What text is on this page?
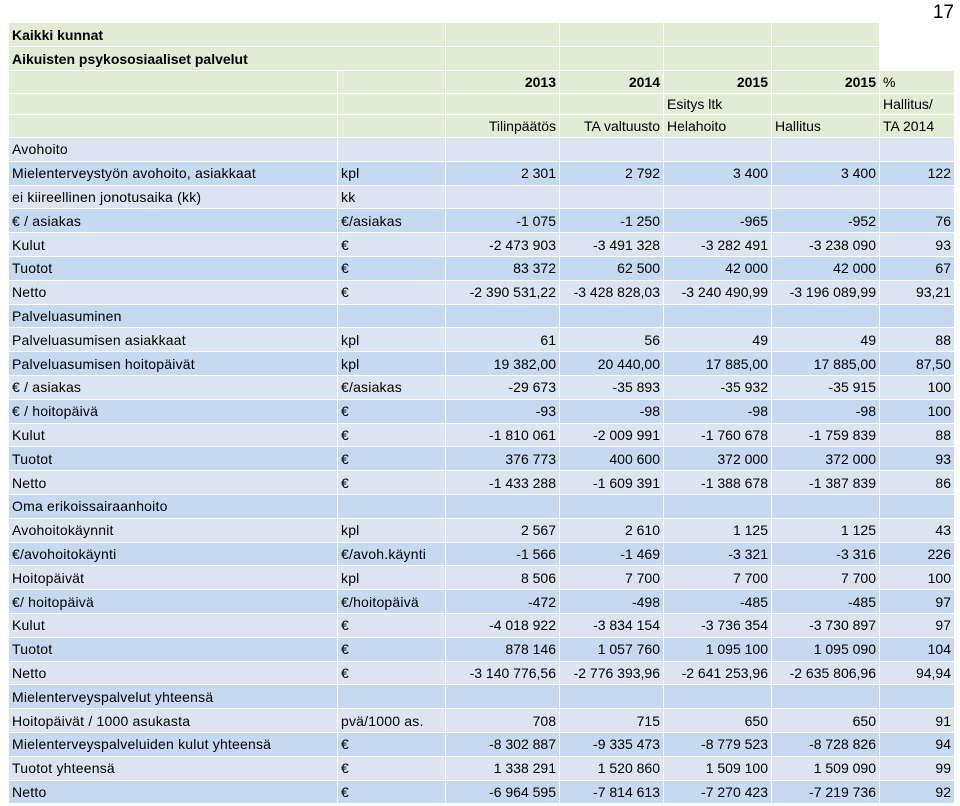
17
Kaikki kunnat						
Aikuisten psykososiaaliset palvelut						
		2013	2014	2015	2015	%
				Esitys ltk		Hallitus/
		Tilinpäätös	TA valtuusto	Helahoito	Hallitus	TA 2014
Avohoito						
Mielenterveystyön avohoito, asiakkaat	kpl	2 301	2 792	3 400	3 400	122
ei kiireellinen jonotusaika (kk)	kk					
€ / asiakas	€/asiakas	-1 075	-1 250	-965	-952	76
Kulut	€	-2 473 903	-3 491 328	-3 282 491	-3 238 090	93
Tuotot	€	83 372	62 500	42 000	42 000	67
Netto	€	-2 390 531,22	-3 428 828,03	-3 240 490,99	-3 196 089,99	93,21
Palveluasuminen						
Palveluasumisen asiakkaat	kpl	61	56	49	49	88
Palveluasumisen hoitopäivät	kpl	19 382,00	20 440,00	17 885,00	17 885,00	87,50
€ / asiakas	€/asiakas	-29 673	-35 893	-35 932	-35 915	100
€ / hoitopäivä	€	-93	-98	-98	-98	100
Kulut	€	-1 810 061	-2 009 991	-1 760 678	-1 759 839	88
Tuotot	€	376 773	400 600	372 000	372 000	93
Netto	€	-1 433 288	-1 609 391	-1 388 678	-1 387 839	86
Oma erikoissairaanhoito						
Avohoitokäynnit	kpl	2 567	2 610	1 125	1 125	43
€/avohoitokäynti	€/avoh.käynti	-1 566	-1 469	-3 321	-3 316	226
Hoitopäivät	kpl	8 506	7 700	7 700	7 700	100
€/ hoitopäivä	€/hoitopäivä	-472	-498	-485	-485	97
Kulut	€	-4 018 922	-3 834 154	-3 736 354	-3 730 897	97
Tuotot	€	878 146	1 057 760	1 095 100	1 095 090	104
Netto	€	-3 140 776,56	-2 776 393,96	-2 641 253,96	-2 635 806,96	94,94
Mielenterveyspalvelut yhteensä						
Hoitopäivät / 1000 asukasta	pvä/1000 as.	708	715	650	650	91
Mielenterveyspalveluiden kulut yhteensä	€	-8 302 887	-9 335 473	-8 779 523	-8 728 826	94
Tuotot yhteensä	€	1 338 291	1 520 860	1 509 100	1 509 090	99
Netto	€	-6 964 595	-7 814 613	-7 270 423	-7 219 736	92
